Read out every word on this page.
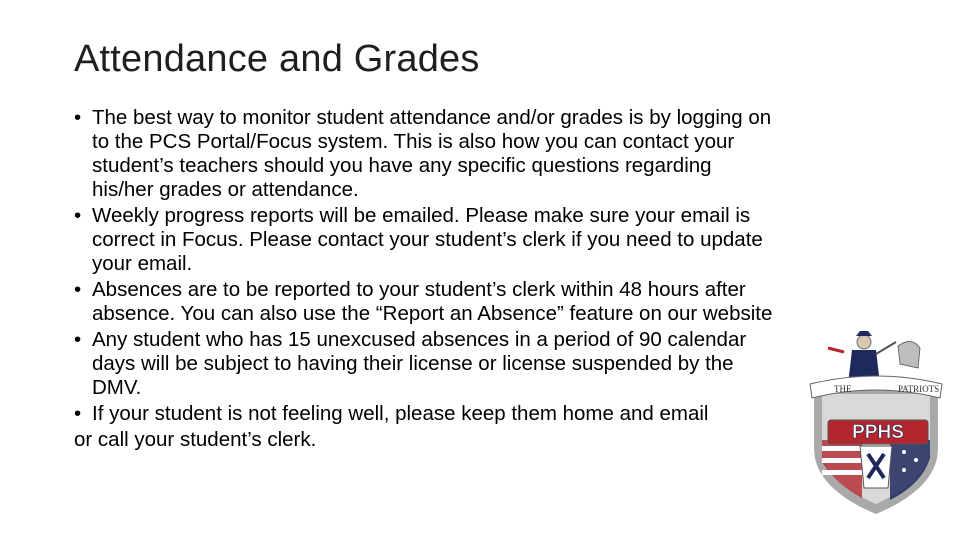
PPHS
THE	PATRIOTS
Attendance and Grades
• The best way to monitor student attendance and/or grades is by logging on
to the PCS Portal/Focus system. This is also how you can contact your
student’s teachers should you have any specific questions regarding
his/her grades or attendance.
• Weekly progress reports will be emailed. Please make sure your email is
correct in Focus. Please contact your student’s clerk if you need to update
your email.
• Absences are to be reported to your student’s clerk within 48 hours after
absence. You can also use the “Report an Absence” feature on our website
• Any student who has 15 unexcused absences in a period of 90 calendar
days will be subject to having their license or license suspended by the
DMV.
• If your student is not feeling well, please keep them home and email
or call your student’s clerk.
